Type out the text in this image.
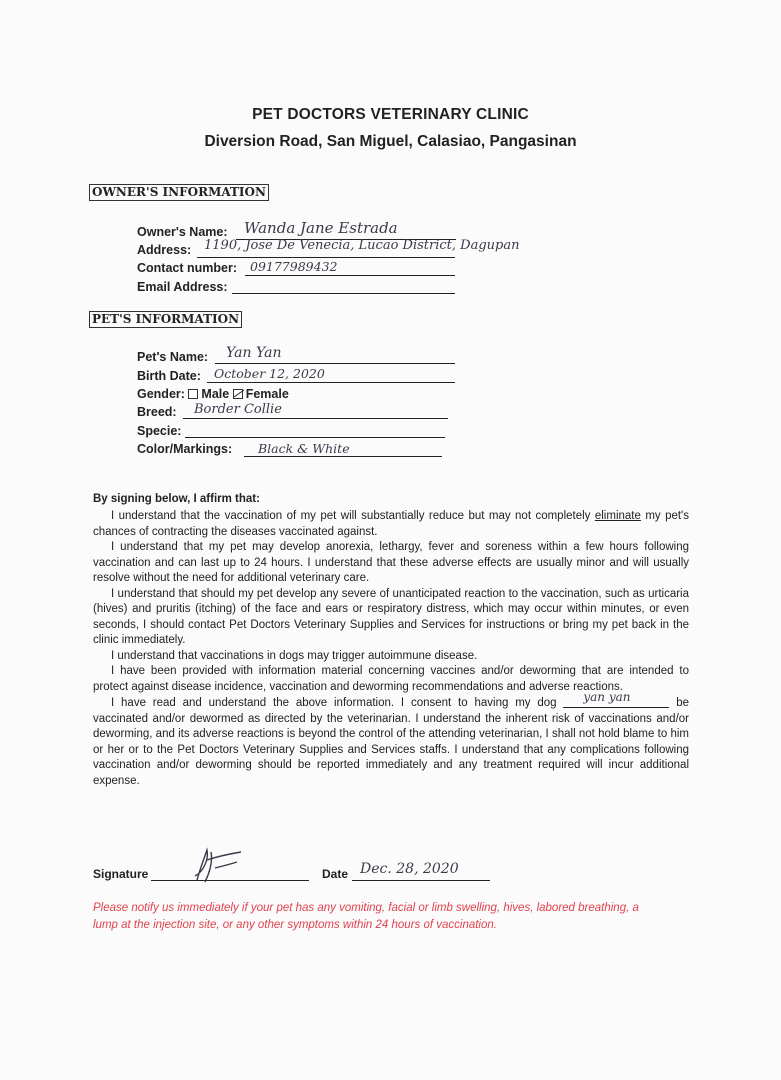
PET DOCTORS VETERINARY CLINIC
Diversion Road, San Miguel, Calasiao, Pangasinan
OWNER'S INFORMATION
Owner's Name: Wanda Jane Estrada
Address: 1190, Jose De Venecia, Lucao District, Dagupan
Contact number: 09177989432
Email Address:
PET'S INFORMATION
Pet's Name: Yan Yan
Birth Date: October 12, 2020
Gender: Male Female
Breed: Border Collie
Specie:
Color/Markings: Black & White
By signing below, I affirm that:

I understand that the vaccination of my pet will substantially reduce but may not completely eliminate my pet's chances of contracting the diseases vaccinated against.

I understand that my pet may develop anorexia, lethargy, fever and soreness within a few hours following vaccination and can last up to 24 hours. I understand that these adverse effects are usually minor and will usually resolve without the need for additional veterinary care.

I understand that should my pet develop any severe of unanticipated reaction to the vaccination, such as urticaria (hives) and pruritis (itching) of the face and ears or respiratory distress, which may occur within minutes, or even seconds, I should contact Pet Doctors Veterinary Supplies and Services for instructions or bring my pet back in the clinic immediately.

I understand that vaccinations in dogs may trigger autoimmune disease.

I have been provided with information material concerning vaccines and/or deworming that are intended to protect against disease incidence, vaccination and deworming recommendations and adverse reactions.

I have read and understand the above information. I consent to having my dog yan yan	be vaccinated and/or dewormed as directed by the veterinarian. I understand the inherent risk of vaccinations and/or deworming, and its adverse reactions is beyond the control of the attending veterinarian, I shall not hold blame to him or her or to the Pet Doctors Veterinary Supplies and Services staffs. I understand that any complications following vaccination and/or deworming should be reported immediately and any treatment required will incur additional expense.

Signature	Date Dec. 28, 2020
Please notify us immediately if your pet has any vomiting, facial or limb swelling, hives, labored breathing, a lump at the injection site, or any other symptoms within 24 hours of vaccination.
